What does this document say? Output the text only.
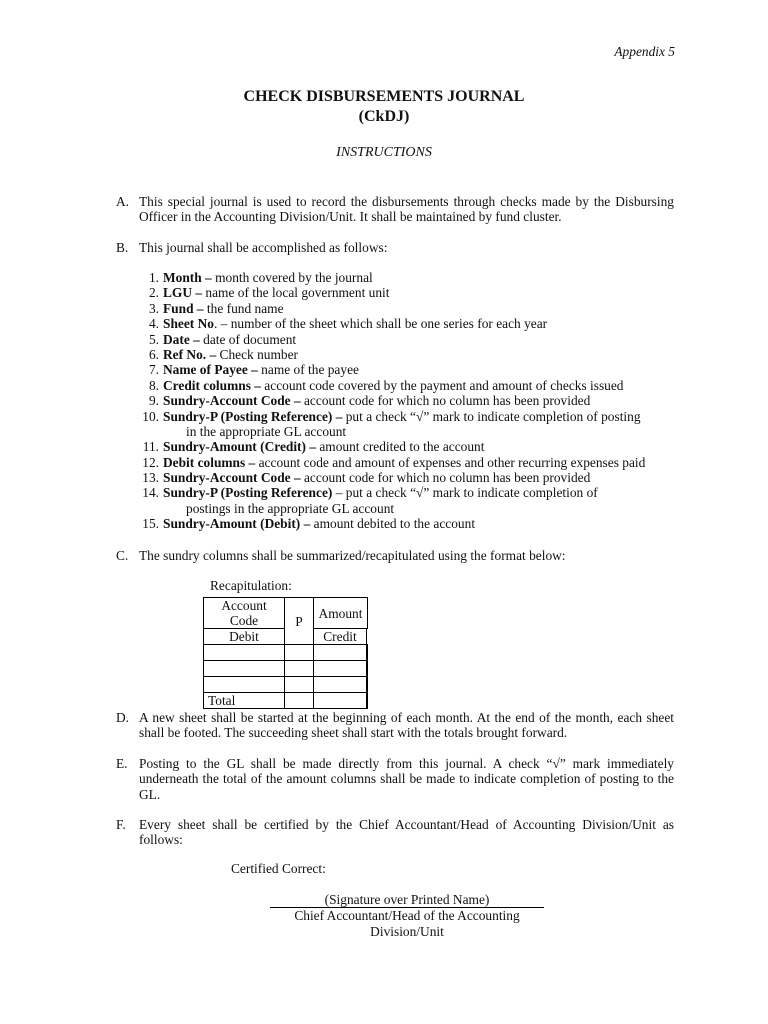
Appendix 5
CHECK DISBURSEMENTS JOURNAL
(CkDJ)
INSTRUCTIONS
A. This special journal is used to record the disbursements through checks made by the Disbursing Officer in the Accounting Division/Unit. It shall be maintained by fund cluster.
B. This journal shall be accomplished as follows:
1. Month – month covered by the journal
2. LGU – name of the local government unit
3. Fund – the fund name
4. Sheet No. – number of the sheet which shall be one series for each year
5. Date – date of document
6. Ref No. – Check number
7. Name of Payee – name of the payee
8. Credit columns – account code covered by the payment and amount of checks issued
9. Sundry-Account Code – account code for which no column has been provided
10. Sundry-P (Posting Reference) – put a check “√” mark to indicate completion of posting
in the appropriate GL account
11. Sundry-Amount (Credit) – amount credited to the account
12. Debit columns – account code and amount of expenses and other recurring expenses paid
13. Sundry-Account Code – account code for which no column has been provided
14. Sundry-P (Posting Reference) – put a check “√” mark to indicate completion of
postings in the appropriate GL account
15. Sundry-Amount (Debit) – amount debited to the account
C. The sundry columns shall be summarized/recapitulated using the format below:
Recapitulation:
Account
Code	P	Amount	
Debit		Credit	

Total			
D. A new sheet shall be started at the beginning of each month. At the end of the month, each sheet shall be footed. The succeeding sheet shall start with the totals brought forward.
E. Posting to the GL shall be made directly from this journal. A check “√” mark immediately underneath the total of the amount columns shall be made to indicate completion of posting to the GL.
F. Every sheet shall be certified by the Chief Accountant/Head of Accounting Division/Unit as follows:
Certified Correct:
(Signature over Printed Name)
Chief Accountant/Head of the Accounting
Division/Unit
